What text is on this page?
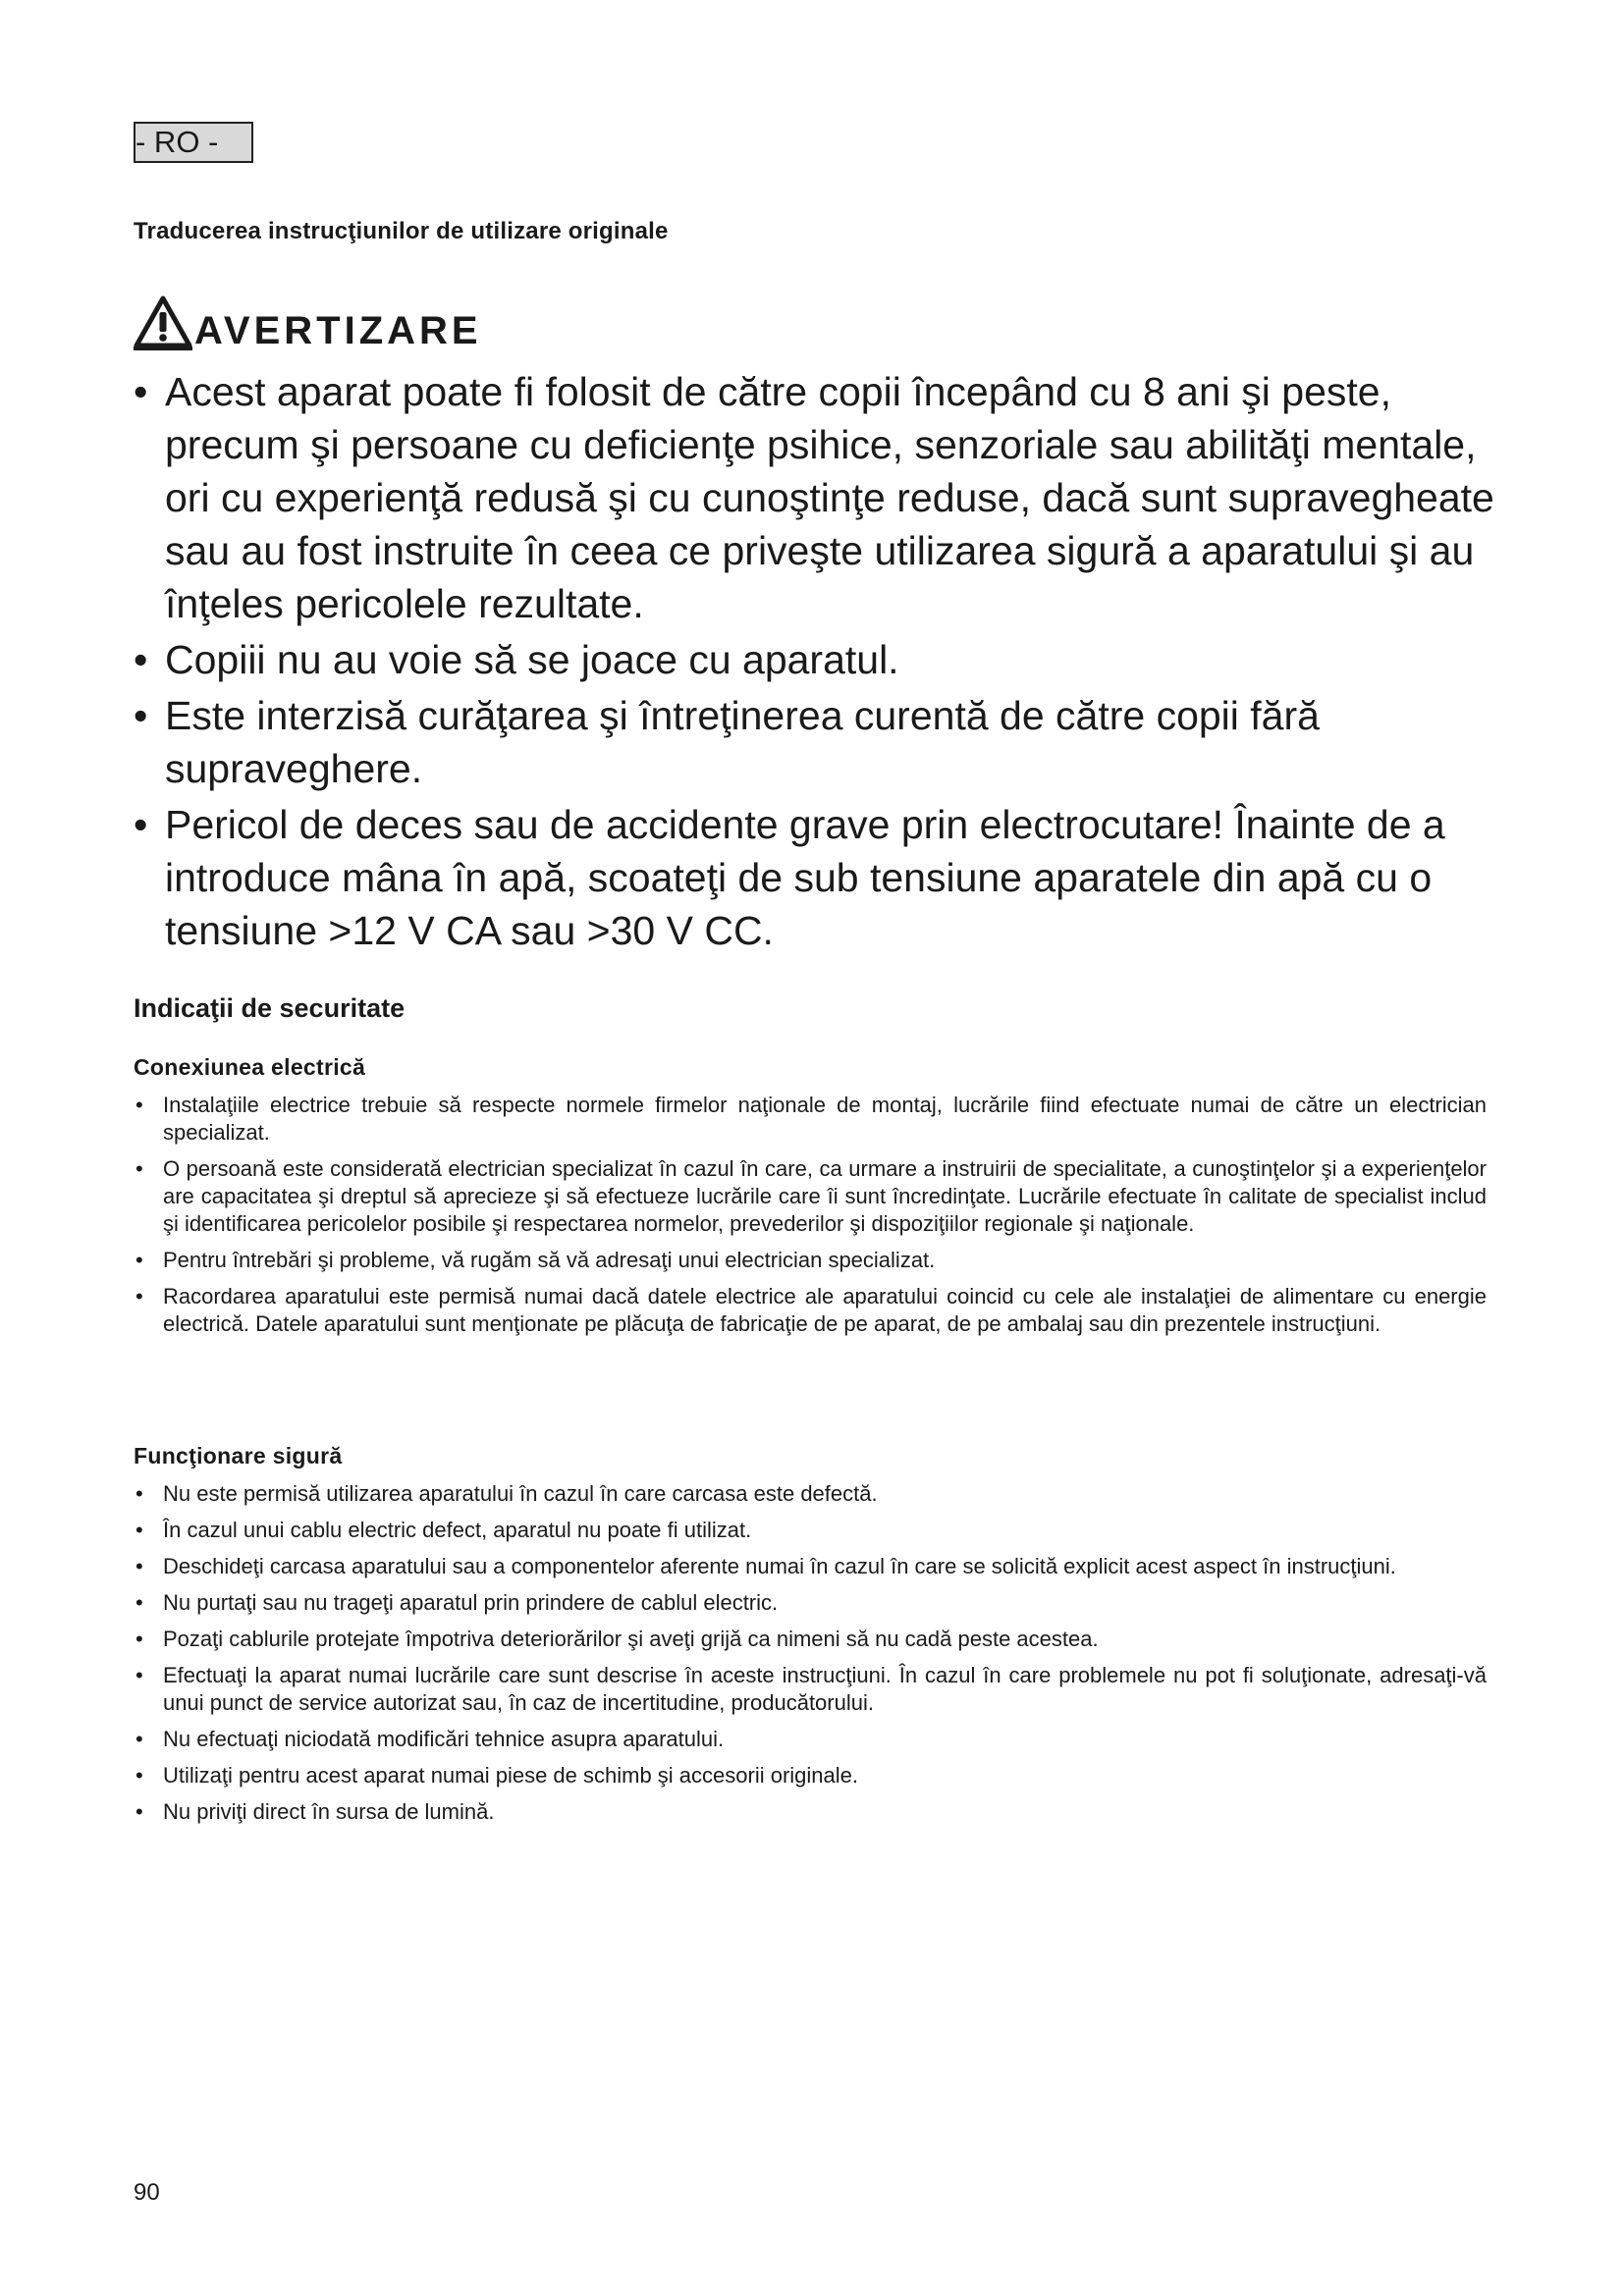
- RO -
Traducerea instrucţiunilor de utilizare originale
AVERTIZARE
• Acest aparat poate fi folosit de către copii începând cu 8 ani şi peste, precum şi persoane cu deficienţe psihice, senzoriale sau abilităţi mentale, ori cu experienţă redusă şi cu cunoştinţe reduse, dacă sunt supravegheate sau au fost instruite în ceea ce priveşte utilizarea sigură a aparatului şi au înţeles pericolele rezultate.
• Copiii nu au voie să se joace cu aparatul.
• Este interzisă curăţarea şi întreţinerea curentă de către copii fără supraveghere.
• Pericol de deces sau de accidente grave prin electrocutare! Înainte de a introduce mâna în apă, scoateţi de sub tensiune aparatele din apă cu o tensiune >12 V CA sau >30 V CC.
Indicaţii de securitate
Conexiunea electrică
• Instalaţiile electrice trebuie să respecte normele firmelor naţionale de montaj, lucrările fiind efectuate numai de către un electrician specializat.
• O persoană este considerată electrician specializat în cazul în care, ca urmare a instruirii de specialitate, a cunoştinţelor şi a experienţelor are capacitatea şi dreptul să aprecieze şi să efectueze lucrările care îi sunt încredinţate. Lucrările efectuate în calitate de specialist includ şi identificarea pericolelor posibile şi respectarea normelor, prevederilor şi dispoziţiilor regionale şi naţionale.
• Pentru întrebări şi probleme, vă rugăm să vă adresaţi unui electrician specializat.
• Racordarea aparatului este permisă numai dacă datele electrice ale aparatului coincid cu cele ale instalaţiei de alimentare cu energie electrică. Datele aparatului sunt menţionate pe plăcuţa de fabricaţie de pe aparat, de pe ambalaj sau din prezentele instrucţiuni.
Funcţionare sigură
• Nu este permisă utilizarea aparatului în cazul în care carcasa este defectă.
• În cazul unui cablu electric defect, aparatul nu poate fi utilizat.
• Deschideţi carcasa aparatului sau a componentelor aferente numai în cazul în care se solicită explicit acest aspect în instrucţiuni.
• Nu purtaţi sau nu trageţi aparatul prin prindere de cablul electric.
• Pozaţi cablurile protejate împotriva deteriorărilor şi aveţi grijă ca nimeni să nu cadă peste acestea.
• Efectuaţi la aparat numai lucrările care sunt descrise în aceste instrucţiuni. În cazul în care problemele nu pot fi soluţionate, adresaţi-vă unui punct de service autorizat sau, în caz de incertitudine, producătorului.
• Nu efectuaţi niciodată modificări tehnice asupra aparatului.
• Utilizaţi pentru acest aparat numai piese de schimb şi accesorii originale.
• Nu priviţi direct în sursa de lumină.
90
